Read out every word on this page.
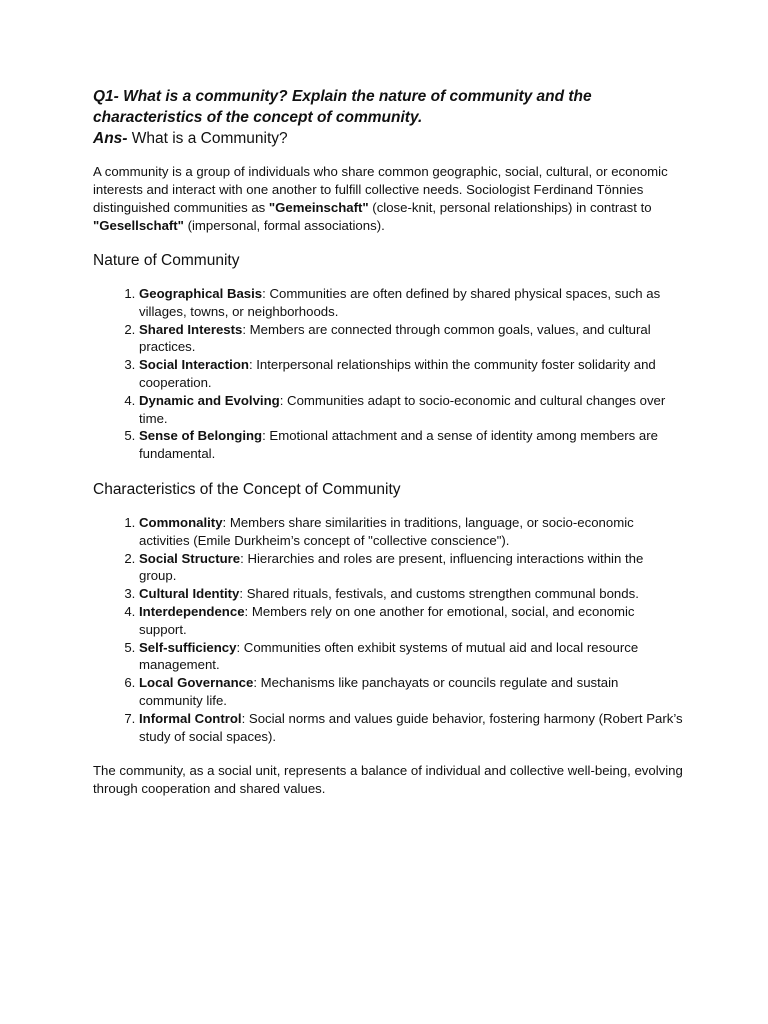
Q1- What is a community? Explain the nature of community and the characteristics of the concept of community.

Ans- What is a Community?

A community is a group of individuals who share common geographic, social, cultural, or economic interests and interact with one another to fulfill collective needs. Sociologist Ferdinand Tönnies distinguished communities as "Gemeinschaft" (close-knit, personal relationships) in contrast to "Gesellschaft" (impersonal, formal associations).

Nature of Community
1. Geographical Basis: Communities are often defined by shared physical spaces, such as villages, towns, or neighborhoods.
2. Shared Interests: Members are connected through common goals, values, and cultural practices.
3. Social Interaction: Interpersonal relationships within the community foster solidarity and cooperation.
4. Dynamic and Evolving: Communities adapt to socio-economic and cultural changes over time.
5. Sense of Belonging: Emotional attachment and a sense of identity among members are fundamental.
Characteristics of the Concept of Community
1. Commonality: Members share similarities in traditions, language, or socio-economic activities (Emile Durkheim’s concept of "collective conscience").
2. Social Structure: Hierarchies and roles are present, influencing interactions within the group.
3. Cultural Identity: Shared rituals, festivals, and customs strengthen communal bonds.
4. Interdependence: Members rely on one another for emotional, social, and economic support.
5. Self-sufficiency: Communities often exhibit systems of mutual aid and local resource management.
6. Local Governance: Mechanisms like panchayats or councils regulate and sustain community life.
7. Informal Control: Social norms and values guide behavior, fostering harmony (Robert Park’s study of social spaces).

The community, as a social unit, represents a balance of individual and collective well-being, evolving through cooperation and shared values.
